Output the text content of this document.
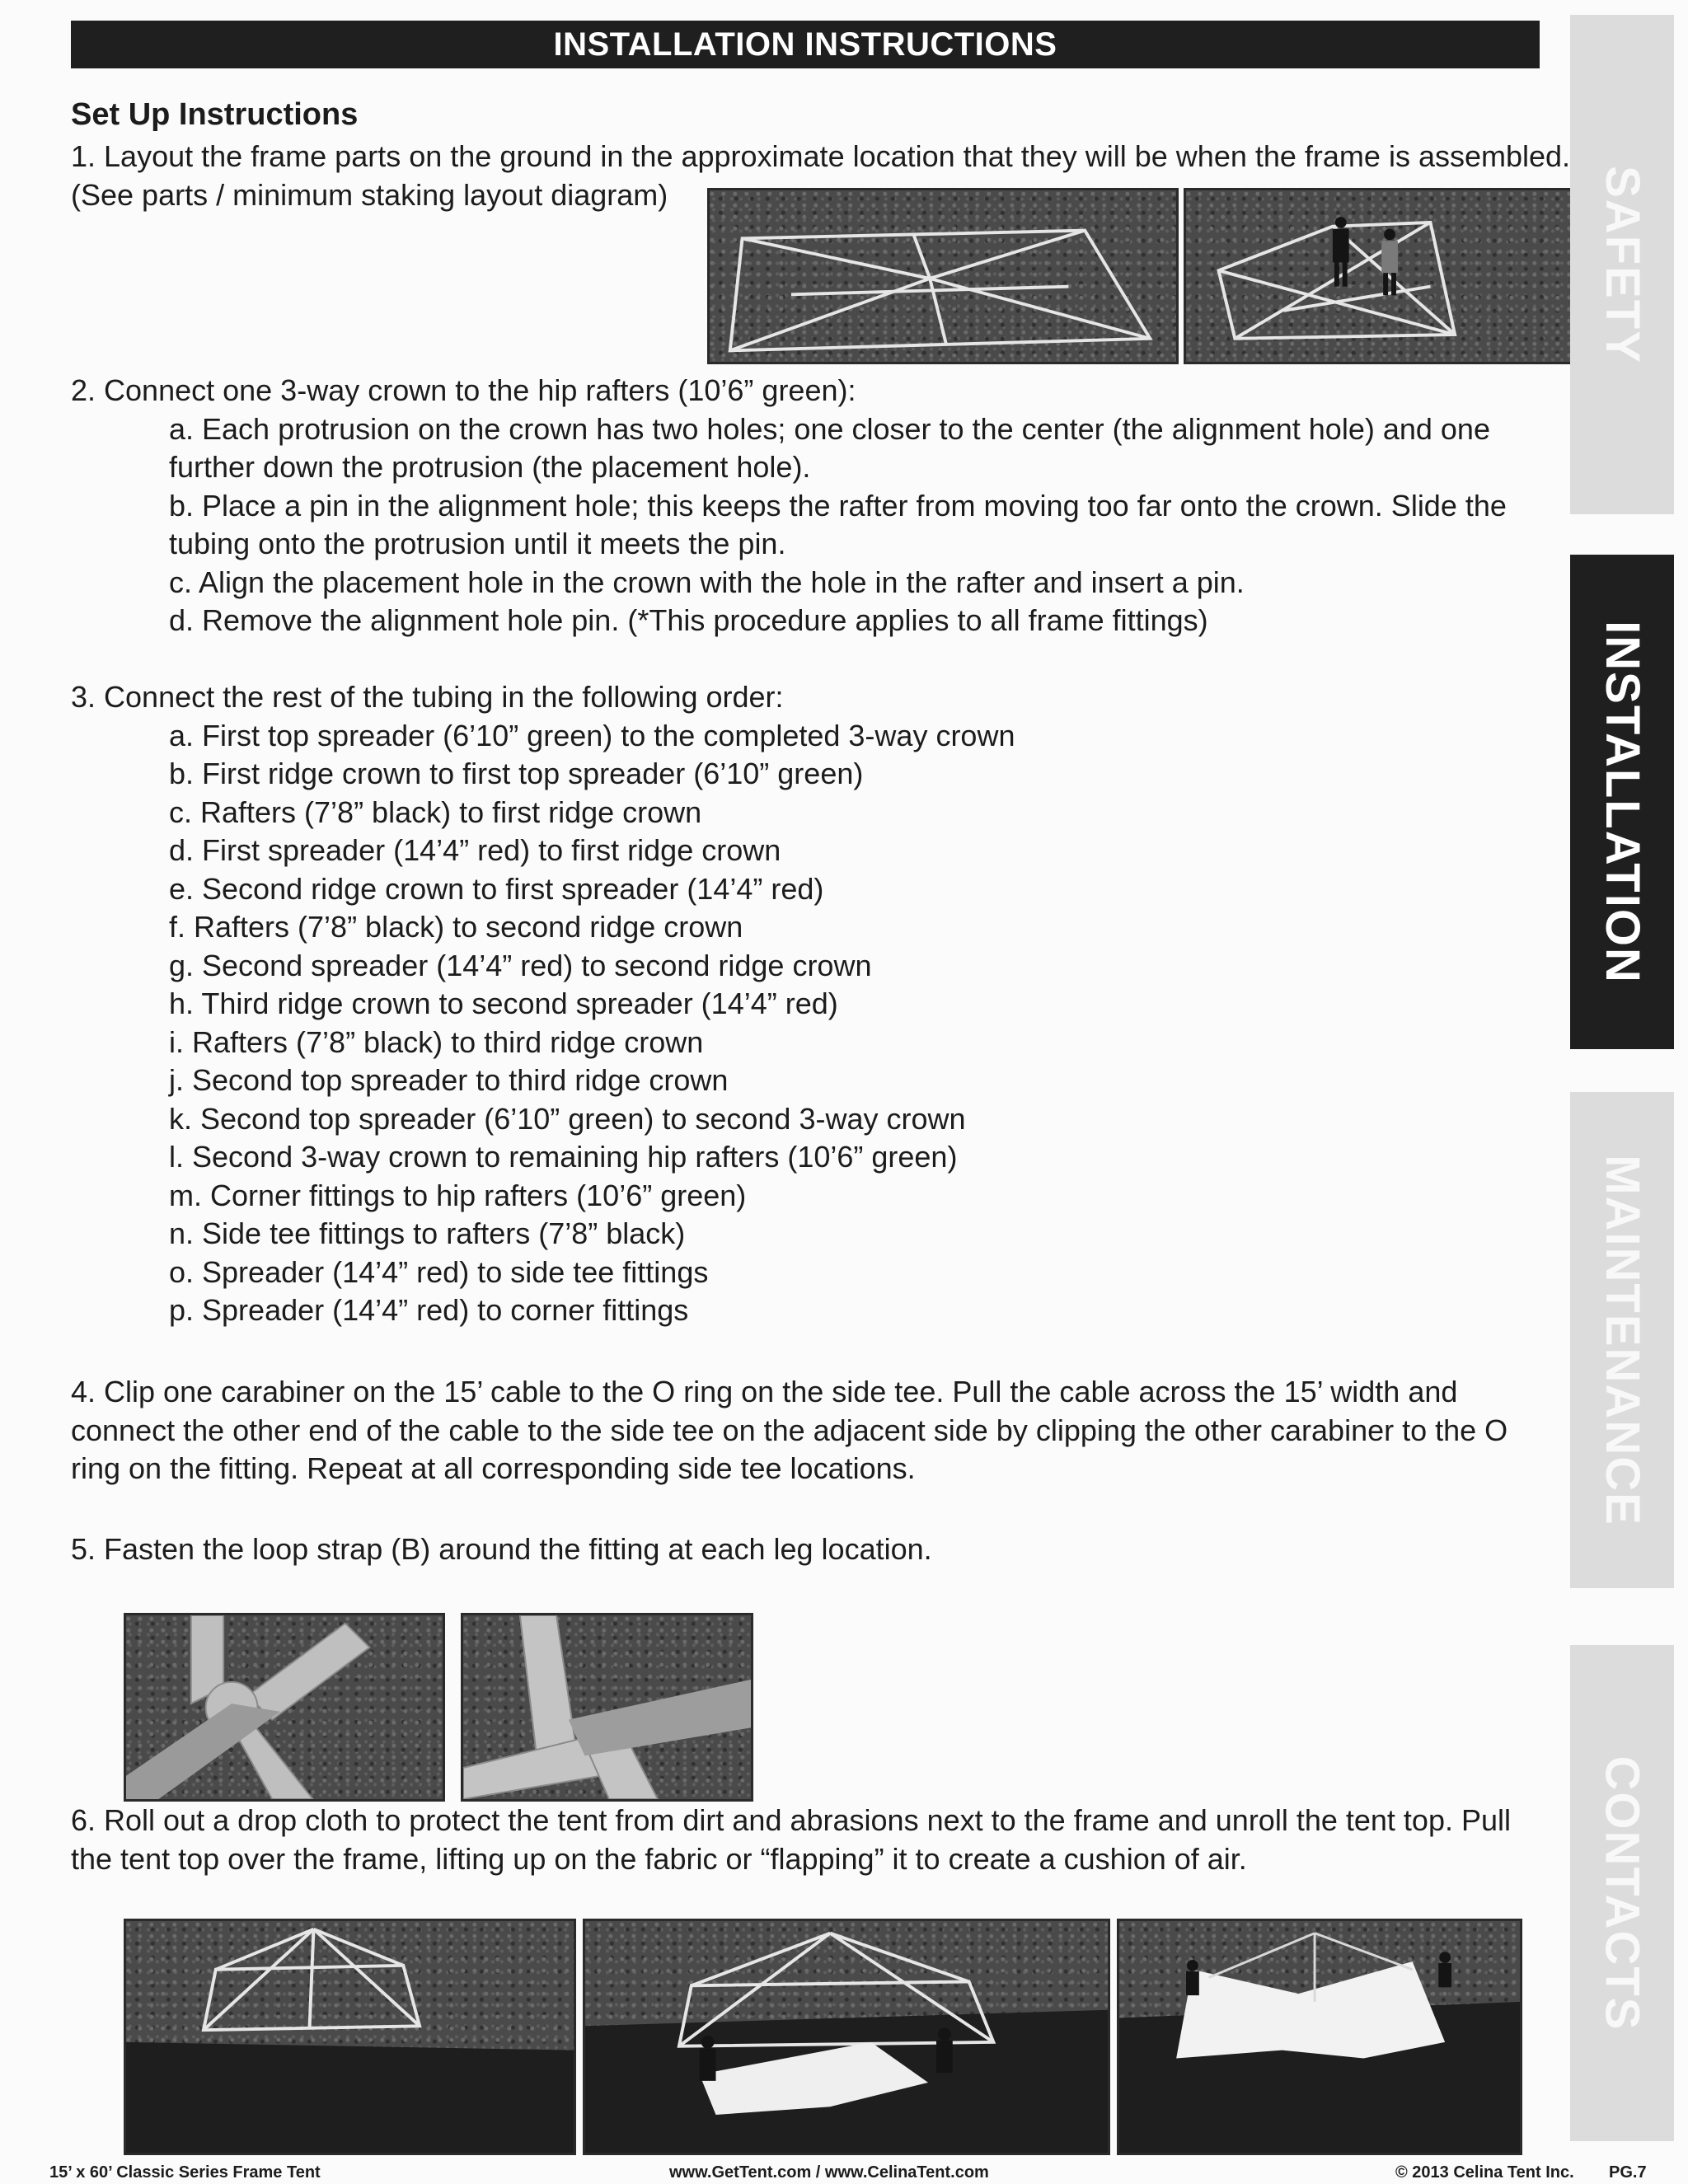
INSTALLATION INSTRUCTIONS
Set Up Instructions
1. Layout the frame parts on the ground in the approximate location that they will be when the frame is assembled.
(See parts / minimum staking layout diagram)
2. Connect one 3-way crown to the hip rafters (10’6” green):
a. Each protrusion on the crown has two holes; one closer to the center (the alignment hole) and one
further down the protrusion (the placement hole).
b. Place a pin in the alignment hole; this keeps the rafter from moving too far onto the crown. Slide the
tubing onto the protrusion until it meets the pin.
c. Align the placement hole in the crown with the hole in the rafter and insert a pin.
d. Remove the alignment hole pin. (*This procedure applies to all frame fittings)
3. Connect the rest of the tubing in the following order:
a. First top spreader (6’10” green) to the completed 3-way crown
b. First ridge crown to first top spreader (6’10” green)
c. Rafters (7’8” black) to first ridge crown
d. First spreader (14’4” red) to first ridge crown
e. Second ridge crown to first spreader (14’4” red)
f. Rafters (7’8” black) to second ridge crown
g. Second spreader (14’4” red) to second ridge crown
h. Third ridge crown to second spreader (14’4” red)
i. Rafters (7’8” black) to third ridge crown
j. Second top spreader to third ridge crown
k. Second top spreader (6’10” green) to second 3-way crown
l. Second 3-way crown to remaining hip rafters (10’6” green)
m. Corner fittings to hip rafters (10’6” green)
n. Side tee fittings to rafters (7’8” black)
o. Spreader (14’4” red) to side tee fittings
p. Spreader (14’4” red) to corner fittings
4. Clip one carabiner on the 15’ cable to the O ring on the side tee. Pull the cable across the 15’ width and
connect the other end of the cable to the side tee on the adjacent side by clipping the other carabiner to the O
ring on the fitting. Repeat at all corresponding side tee locations.
5. Fasten the loop strap (B) around the fitting at each leg location.
6. Roll out a drop cloth to protect the tent from dirt and abrasions next to the frame and unroll the tent top. Pull
the tent top over the frame, lifting up on the fabric or “flapping” it to create a cushion of air.
SAFETY
INSTALLATION
MAINTENANCE
CONTACTS
15’ x 60’ Classic Series Frame Tent	www.GetTent.com / www.CelinaTent.com	© 2013 Celina Tent Inc. PG.7
